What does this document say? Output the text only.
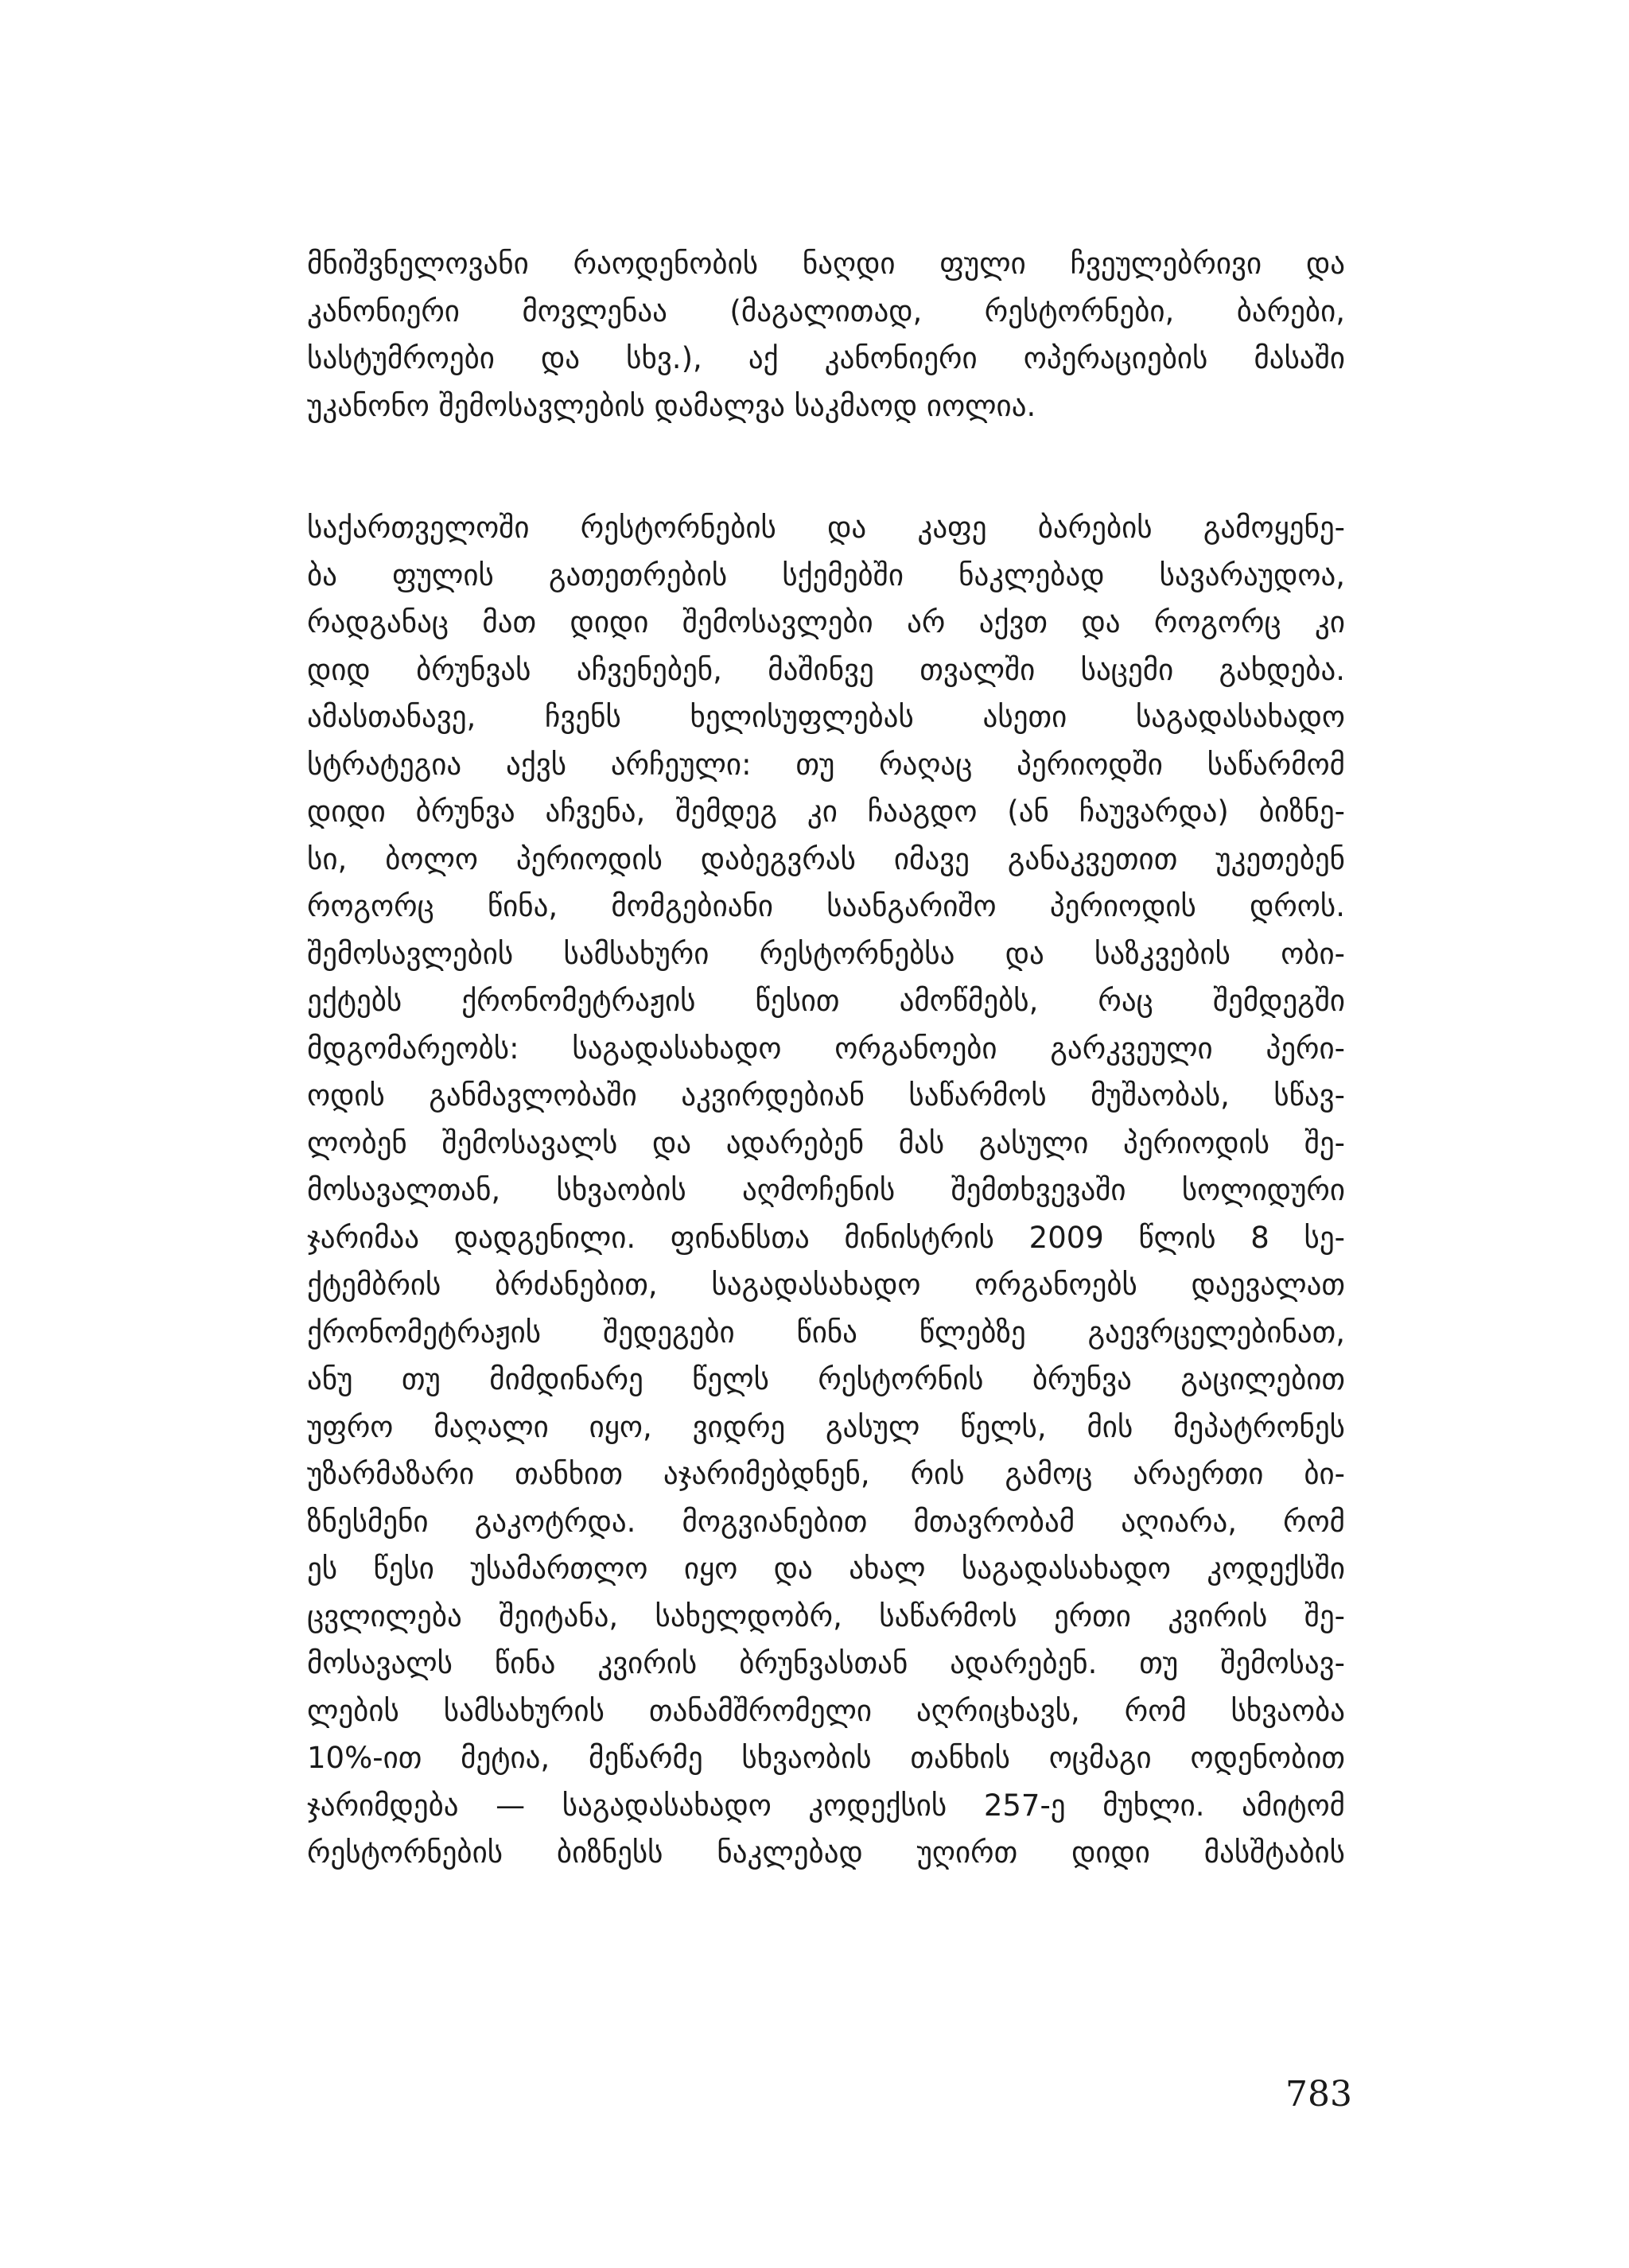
მნიშვნელოვანი რაოდენობის ნაღდი ფული ჩვეულებრივი და
კანონიერი მოვლენაა (მაგალითად, რესტორნები, ბარები,
სასტუმროები და სხვ.), აქ კანონიერი ოპერაციების მასაში
უკანონო შემოსავლების დამალვა საკმაოდ იოლია.
საქართველოში რესტორნების და კაფე ბარების გამოყენე-
ბა ფულის გათეთრების სქემებში ნაკლებად სავარაუდოა,
რადგანაც მათ დიდი შემოსავლები არ აქვთ და როგორც კი
დიდ ბრუნვას აჩვენებენ, მაშინვე თვალში საცემი გახდება.
ამასთანავე, ჩვენს ხელისუფლებას ასეთი საგადასახადო
სტრატეგია აქვს არჩეული: თუ რაღაც პერიოდში საწარმომ
დიდი ბრუნვა აჩვენა, შემდეგ კი ჩააგდო (ან ჩაუვარდა) ბიზნე-
სი, ბოლო პერიოდის დაბეგვრას იმავე განაკვეთით უკეთებენ
როგორც წინა, მომგებიანი საანგარიშო პერიოდის დროს.
შემოსავლების სამსახური რესტორნებსა და საზკვების ობი-
ექტებს ქრონომეტრაჟის წესით ამოწმებს, რაც შემდეგში
მდგომარეობს: საგადასახადო ორგანოები გარკვეული პერი-
ოდის განმავლობაში აკვირდებიან საწარმოს მუშაობას, სწავ-
ლობენ შემოსავალს და ადარებენ მას გასული პერიოდის შე-
მოსავალთან, სხვაობის აღმოჩენის შემთხვევაში სოლიდური
ჯარიმაა დადგენილი. ფინანსთა მინისტრის 2009 წლის 8 სე-
ქტემბრის ბრძანებით, საგადასახადო ორგანოებს დაევალათ
ქრონომეტრაჟის შედეგები წინა წლებზე გაევრცელებინათ,
ანუ თუ მიმდინარე წელს რესტორნის ბრუნვა გაცილებით
უფრო მაღალი იყო, ვიდრე გასულ წელს, მის მეპატრონეს
უზარმაზარი თანხით აჯარიმებდნენ, რის გამოც არაერთი ბი-
ზნესმენი გაკოტრდა. მოგვიანებით მთავრობამ აღიარა, რომ
ეს წესი უსამართლო იყო და ახალ საგადასახადო კოდექსში
ცვლილება შეიტანა, სახელდობრ, საწარმოს ერთი კვირის შე-
მოსავალს წინა კვირის ბრუნვასთან ადარებენ. თუ შემოსავ-
ლების სამსახურის თანამშრომელი აღრიცხავს, რომ სხვაობა
10%-ით მეტია, მეწარმე სხვაობის თანხის ოცმაგი ოდენობით
ჯარიმდება — საგადასახადო კოდექსის 257-ე მუხლი. ამიტომ
რესტორნების ბიზნესს ნაკლებად უღირთ დიდი მასშტაბის
783
